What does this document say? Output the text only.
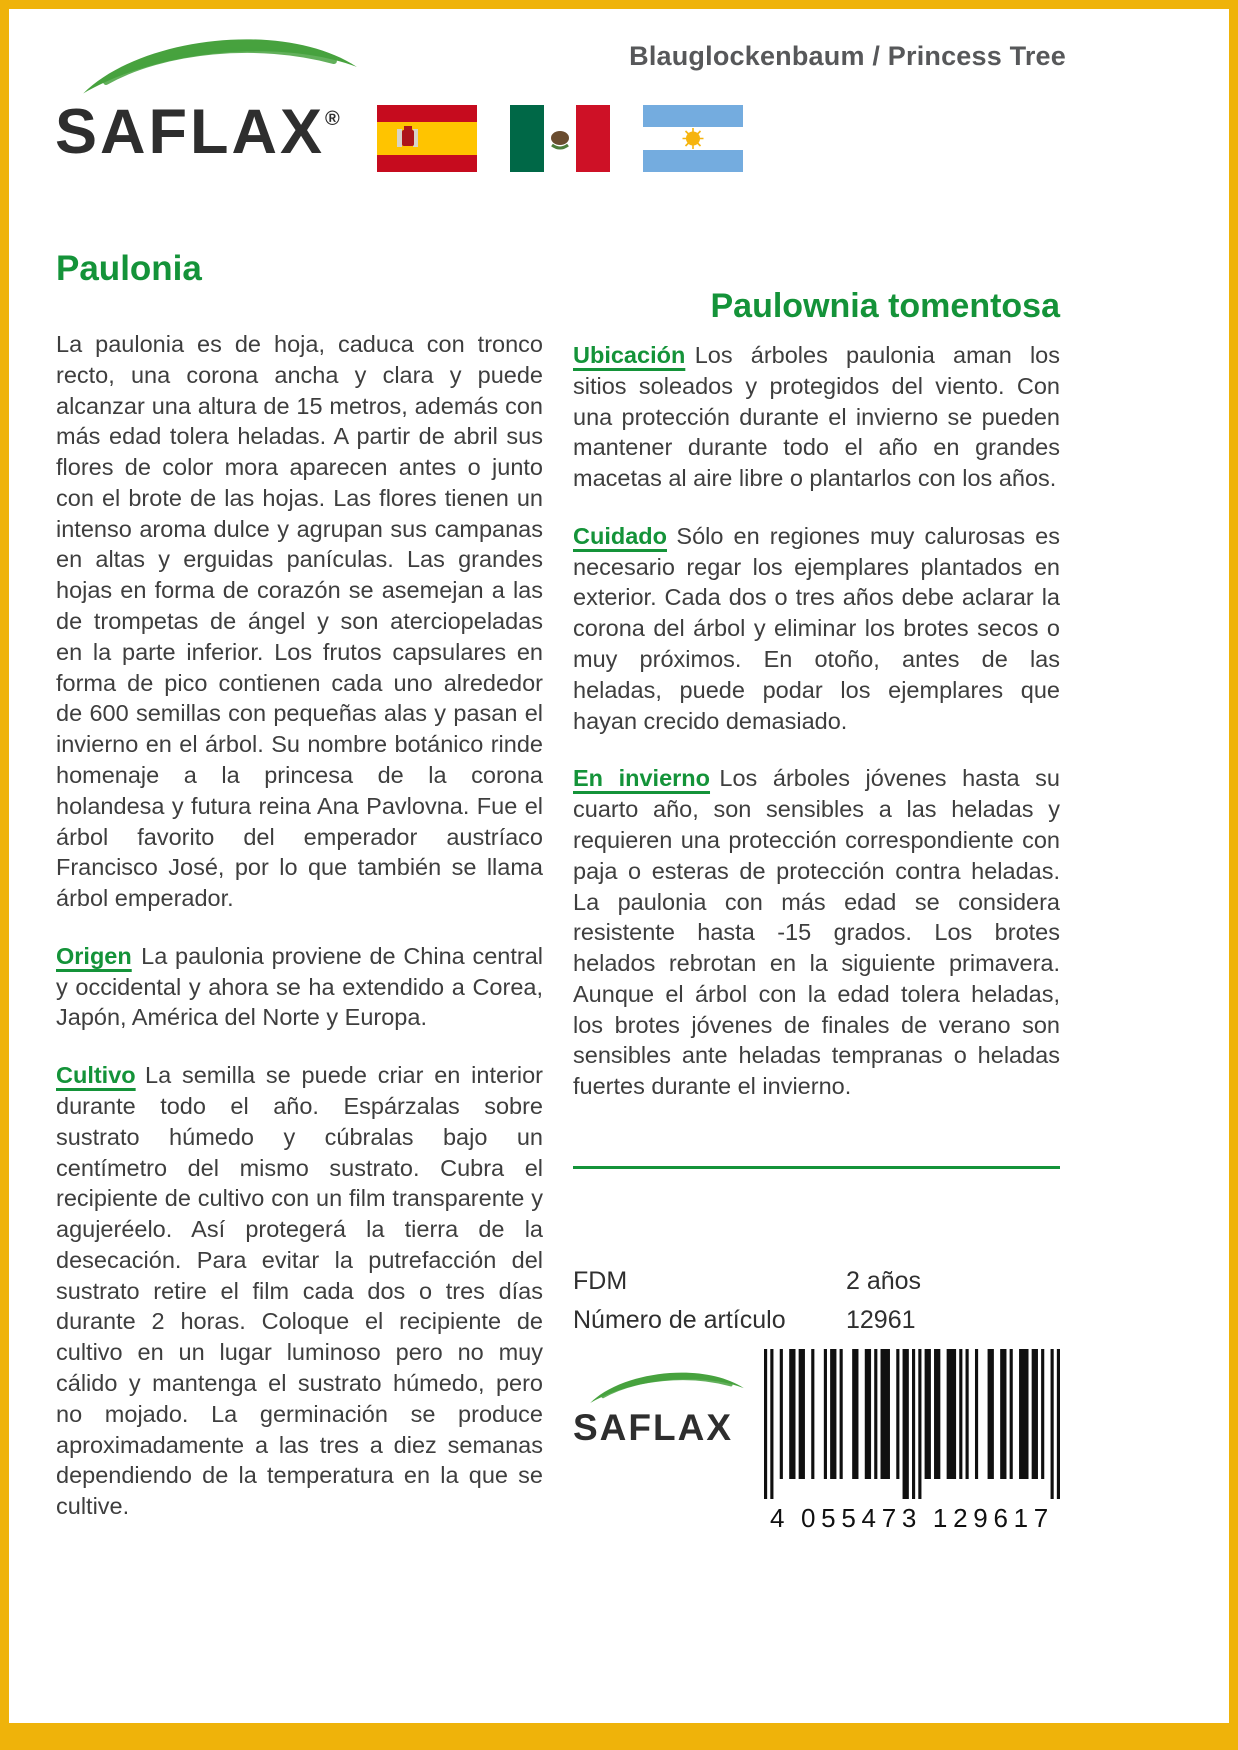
Blauglockenbaum / Princess Tree
SAFLAX®
Paulonia

La paulonia es de hoja, caduca con tronco recto, una corona ancha y clara y puede alcanzar una altura de 15 metros, además con más edad tolera heladas. A partir de abril sus flores de color mora aparecen antes o junto con el brote de las hojas. Las flores tienen un intenso aroma dulce y agrupan sus campanas en altas y erguidas panículas. Las grandes hojas en forma de corazón se asemejan a las de trompetas de ángel y son aterciopeladas en la parte inferior. Los frutos capsulares en forma de pico contienen cada uno alrededor de 600 semillas con pequeñas alas y pasan el invierno en el árbol. Su nombre botánico rinde homenaje a la princesa de la corona holandesa y futura reina Ana Pavlovna. Fue el árbol favorito del emperador austríaco Francisco José, por lo que también se llama árbol emperador.

Origen La paulonia proviene de China central y occidental y ahora se ha extendido a Corea, Japón, América del Norte y Europa.

Cultivo La semilla se puede criar en interior durante todo el año. Espárzalas sobre sustrato húmedo y cúbralas bajo un centímetro del mismo sustrato. Cubra el recipiente de cultivo con un film transparente y agujeréelo. Así protegerá la tierra de la desecación. Para evitar la putrefacción del sustrato retire el film cada dos o tres días durante 2 horas. Coloque el recipiente de cultivo en un lugar luminoso pero no muy cálido y mantenga el sustrato húmedo, pero no mojado. La germinación se produce aproximadamente a las tres a diez semanas dependiendo de la temperatura en la que se cultive.

Paulownia tomentosa

Ubicación Los árboles paulonia aman los sitios soleados y protegidos del viento. Con una protección durante el invierno se pueden mantener durante todo el año en grandes macetas al aire libre o plantarlos con los años.

Cuidado Sólo en regiones muy calurosas es necesario regar los ejemplares plantados en exterior. Cada dos o tres años debe aclarar la corona del árbol y eliminar los brotes secos o muy próximos. En otoño, antes de las heladas, puede podar los ejemplares que hayan crecido demasiado.

En invierno Los árboles jóvenes hasta su cuarto año, son sensibles a las heladas y requieren una protección correspondiente con paja o esteras de protección contra heladas. La paulonia con más edad se considera resistente hasta -15 grados. Los brotes helados rebrotan en la siguiente primavera. Aunque el árbol con la edad tolera heladas, los brotes jóvenes de finales de verano son sensibles ante heladas tempranas o heladas fuertes durante el invierno.

FDM	2 años
Número de artículo	12961
SAFLAX
4 055473 129617
